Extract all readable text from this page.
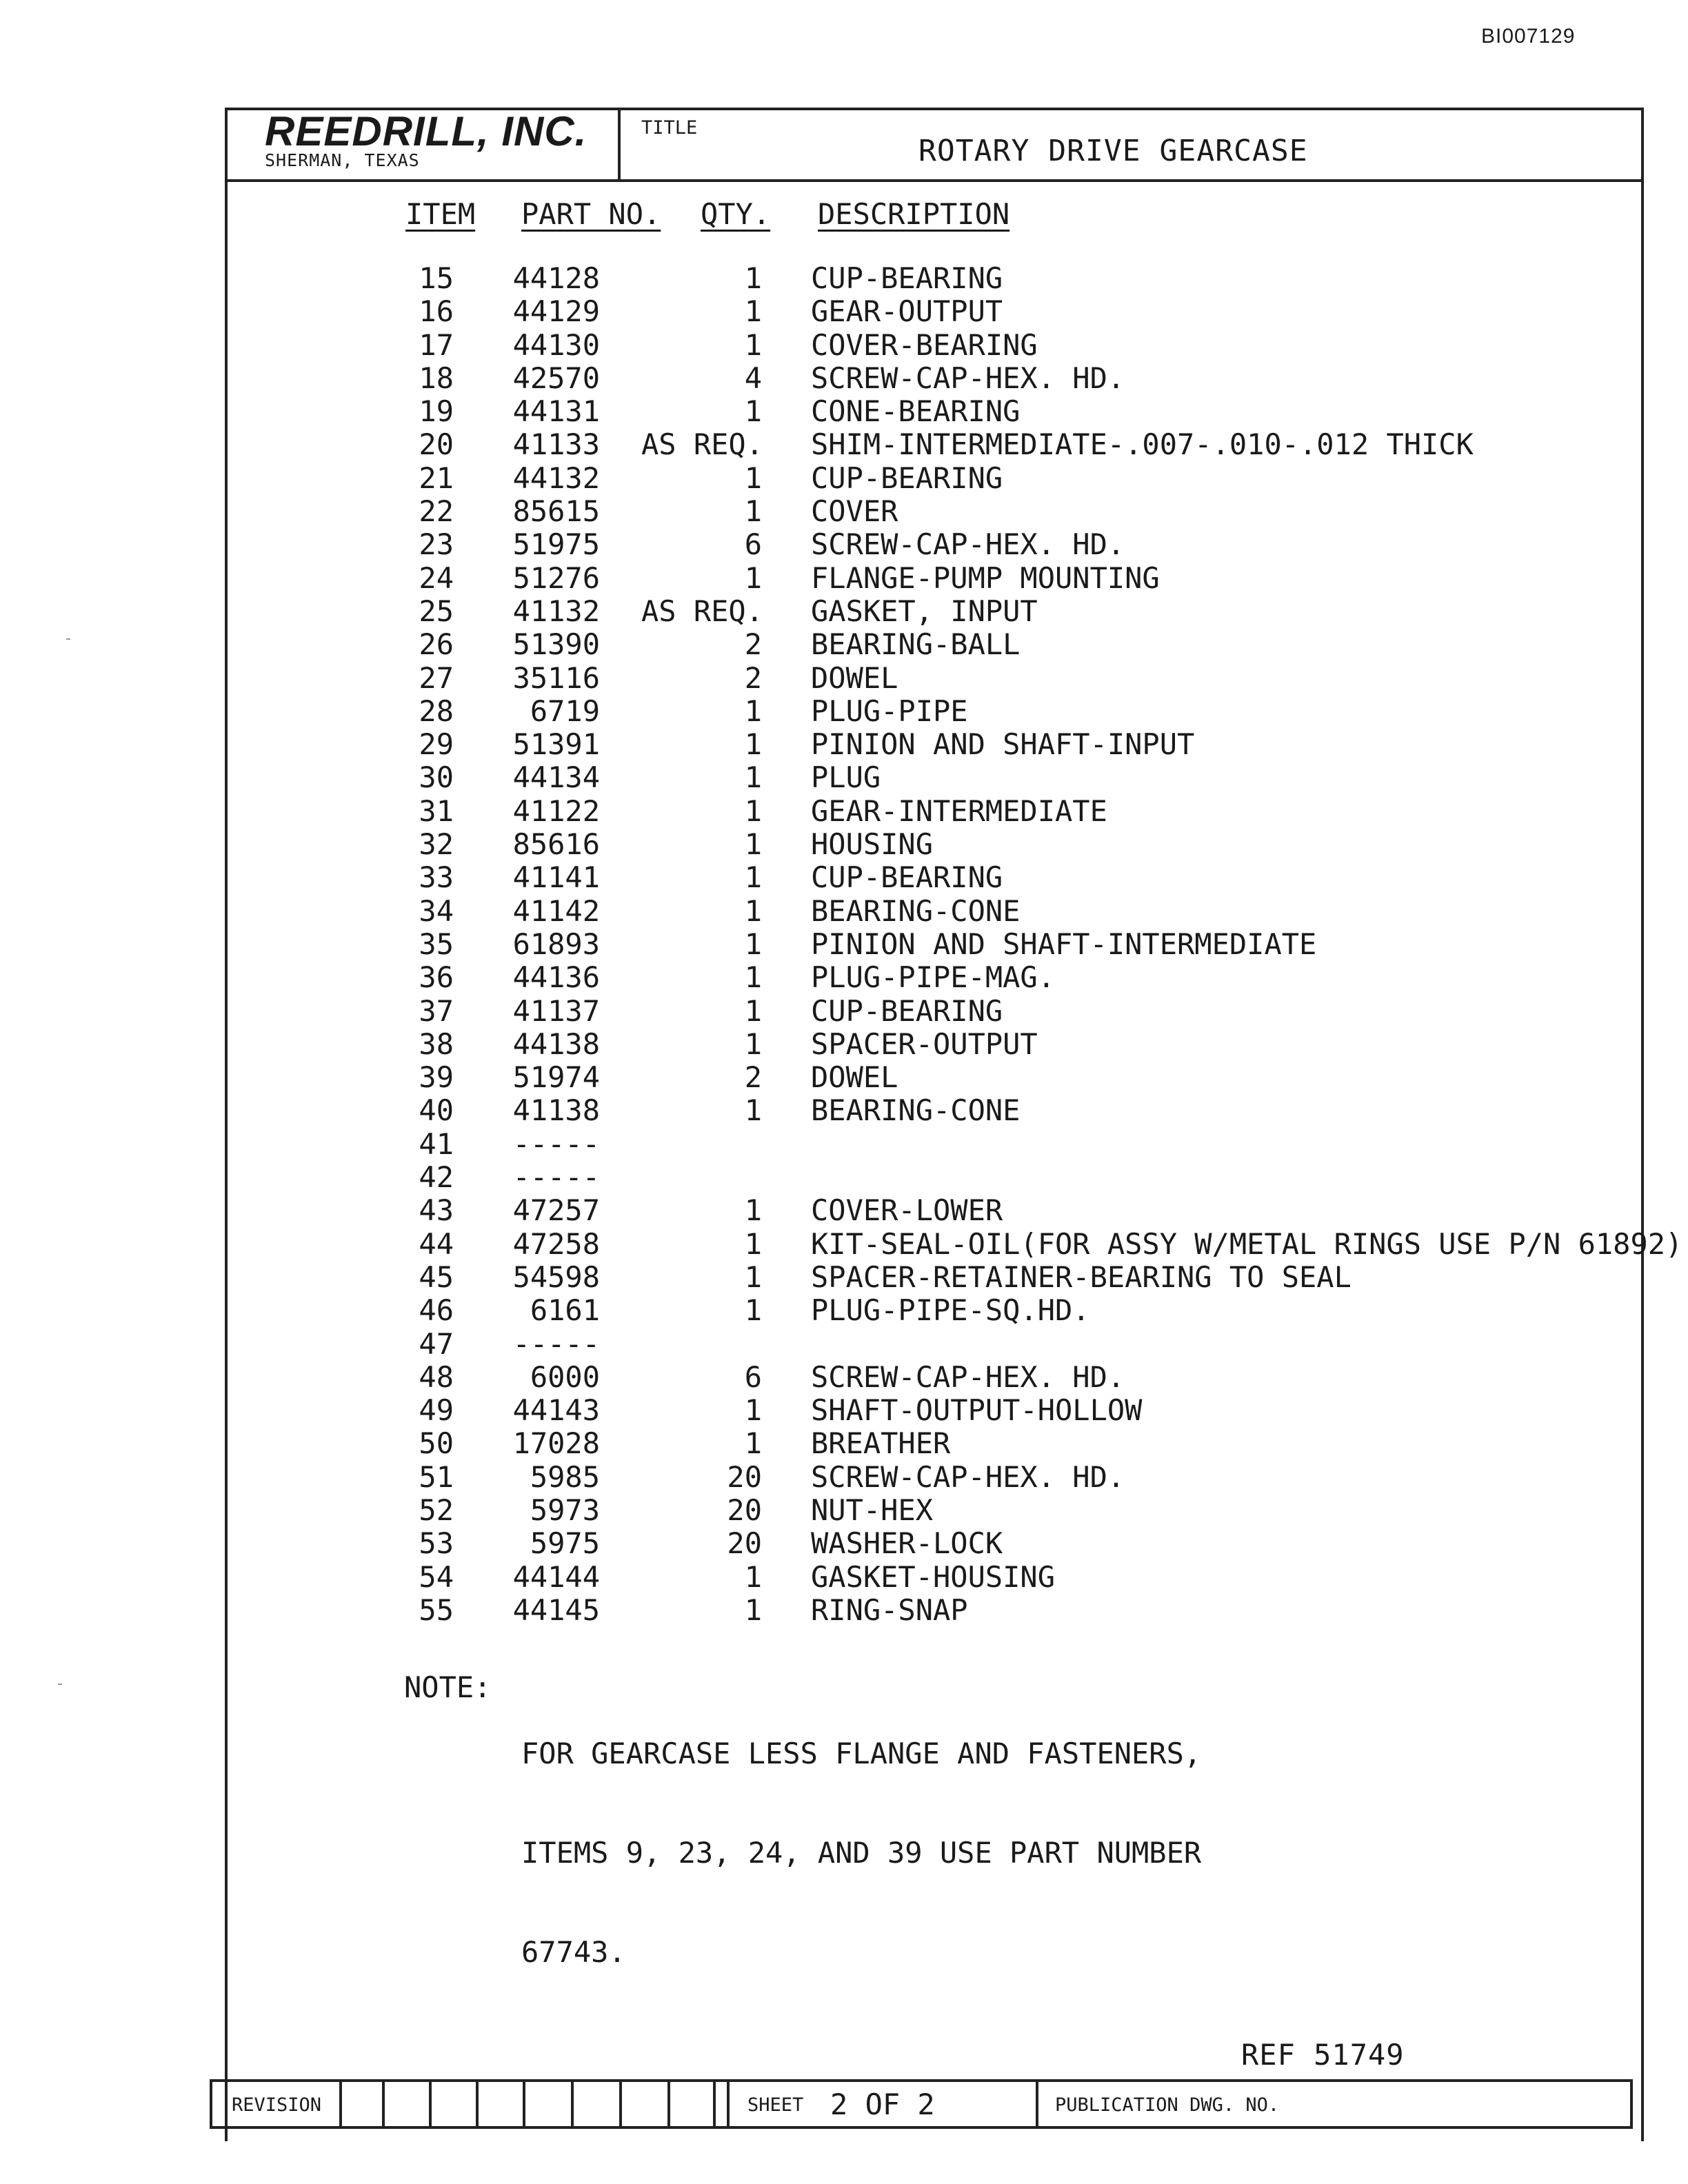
BI007129
REEDRILL, INC.
SHERMAN, TEXAS
TITLE
ROTARY DRIVE GEARCASE
ITEM PART NO. QTY. DESCRIPTION
15	44128	1 CUP-BEARING
16	44129	1 GEAR-OUTPUT
17	44130	1 COVER-BEARING
18	42570	4 SCREW-CAP-HEX. HD.
19	44131	1 CONE-BEARING
20	41133 AS REQ. SHIM-INTERMEDIATE-.007-.010-.012 THICK
21	44132	1 CUP-BEARING
22	85615	1 COVER
23	51975	6 SCREW-CAP-HEX. HD.
24	51276	1 FLANGE-PUMP MOUNTING
25	41132 AS REQ. GASKET, INPUT
26	51390	2 BEARING-BALL
27	35116	2 DOWEL
28	6719	1 PLUG-PIPE
29	51391	1 PINION AND SHAFT-INPUT
30	44134	1 PLUG
31	41122	1 GEAR-INTERMEDIATE
32	85616	1 HOUSING
33	41141	1 CUP-BEARING
34	41142	1 BEARING-CONE
35	61893	1 PINION AND SHAFT-INTERMEDIATE
36	44136	1 PLUG-PIPE-MAG.
37	41137	1 CUP-BEARING
38	44138	1 SPACER-OUTPUT
39	51974	2 DOWEL
40	41138	1 BEARING-CONE
41	-----
42	-----
43	47257	1 COVER-LOWER
44	47258	1 KIT-SEAL-OIL(FOR ASSY W/METAL RINGS USE P/N 61892)
45	54598	1 SPACER-RETAINER-BEARING TO SEAL
46	6161	1 PLUG-PIPE-SQ.HD.
47	-----
48	6000	6 SCREW-CAP-HEX. HD.
49	44143	1 SHAFT-OUTPUT-HOLLOW
50	17028	1 BREATHER
51	5985	20 SCREW-CAP-HEX. HD.
52	5973	20 NUT-HEX
53	5975	20 WASHER-LOCK
54	44144	1 GASKET-HOUSING
55	44145	1 RING-SNAP

NOTE:

FOR GEARCASE LESS FLANGE AND FASTENERS,

ITEMS 9, 23, 24, AND 39 USE PART NUMBER

67743.

REF 51749
REVISION	SHEET 2 OF 2	PUBLICATION DWG. NO.
